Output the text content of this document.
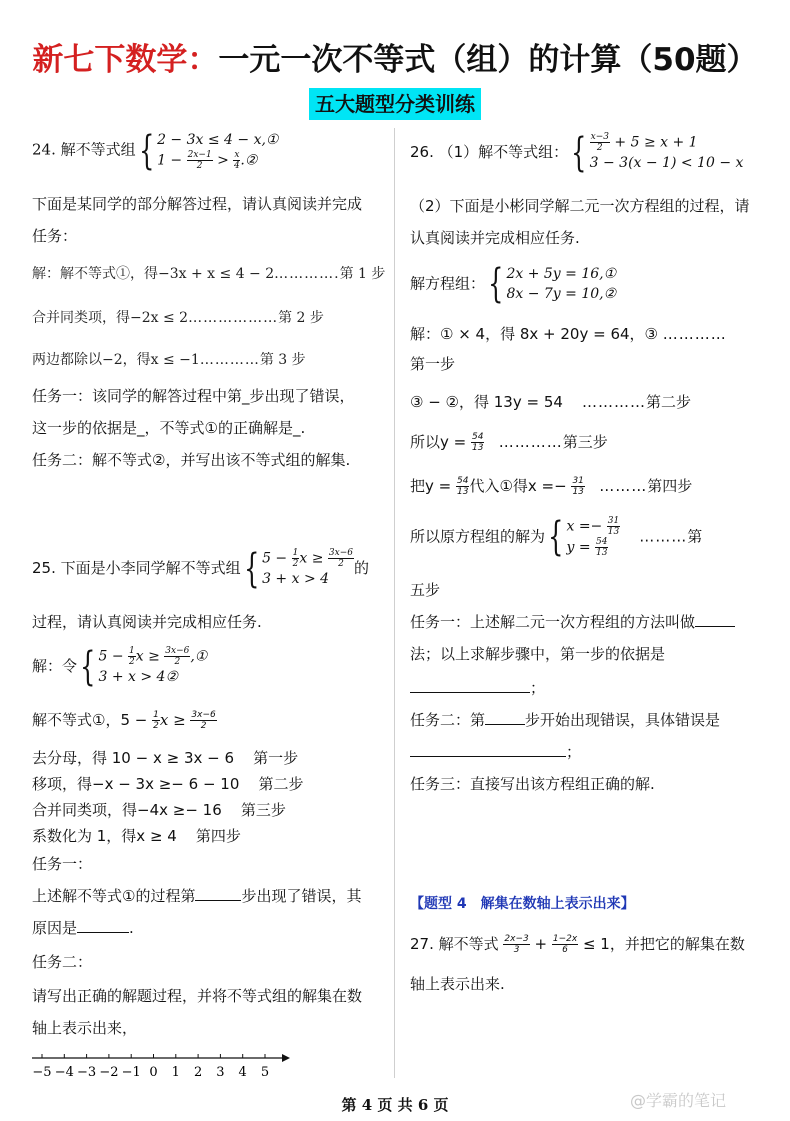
新七下数学：一元一次不等式（组）的计算（50题）
五大题型分类训练
24. 解不等式组{ 2 − 3x ≤ 4 − x,①
$1 - \frac{2x-1}{2} > \frac{x}{4}$ .②
下面是某同学的部分解答过程，请认真阅读并完成
任务：
解：解不等式①，得−3x + x ≤ 4 − 2………….第 1 步
合并同类项，得−2x ≤ 2………………第 2 步
两边都除以−2，得x ≤ −1…………第 3 步
任务一：该同学的解答过程中第_步出现了错误，
这一步的依据是_，不等式①的正确解是_.
任务二：解不等式②，并写出该不等式组的解集.
25. 下面是小李同学解不等式组{ $5 - \frac{1}{2}$ $x \ge \frac{3x-6}{2}$
3 + x > 4
的
过程，请认真阅读并完成相应任务.
解：令{ $5 - \frac{1}{2}$ $x \ge \frac{3x-6}{2}$ ,①
3 + x > 4②
解不等式①，$5 - \frac{1}{2}$ $x \ge \frac{3x-6}{2}$
去分母，得 10 − x ≥ 3x − 6 第一步
移项，得−x − 3x ≥− 6 − 10 第二步
合并同类项，得−4x ≥− 16 第三步
系数化为 1，得x ≥ 4 第四步
任务一：
上述解不等式①的过程第	步出现了错误，其
原因是	.
任务二：
请写出正确的解题过程，并将不等式组的解集在数
轴上表示出来，
−5 −4 −3 −2 −1 0 1 2 3 4 5
26. （1）解不等式组：{ $\frac{x-3}{2} + 5 \ge x + 1$
3 − 3(x − 1) < 10 − x
（2）下面是小彬同学解二元一次方程组的过程，请
认真阅读并完成相应任务.
解方程组：{ 2x + 5y = 16,①
8x − 7y = 10,②
解：① × 4，得 8x + 20y = 64，③ …………
第一步
③ − ②，得 13y = 54 …………第二步
所以$y = \frac{54}{13}$ …………第三步
把$y = \frac{54}{13}$ 代入①得$x =- \frac{31}{13}$ ………第四步
所以原方程组的解为{ $x =- \frac{31}{13}$
$y = \frac{54}{13}$
………第
五步
任务一：上述解二元一次方程组的方法叫做
法；以上求解步骤中，第一步的依据是
；
任务二：第	步开始出现错误，具体错误是
；
任务三：直接写出该方程组正确的解.
【题型 4　解集在数轴上表示出来】
27. 解不等式 $\frac{2x-3}{3} + \frac{1-2x}{6} \le 1$，并把它的解集在数
轴上表示出来.
第 4 页 共 6 页	@学霸的笔记
